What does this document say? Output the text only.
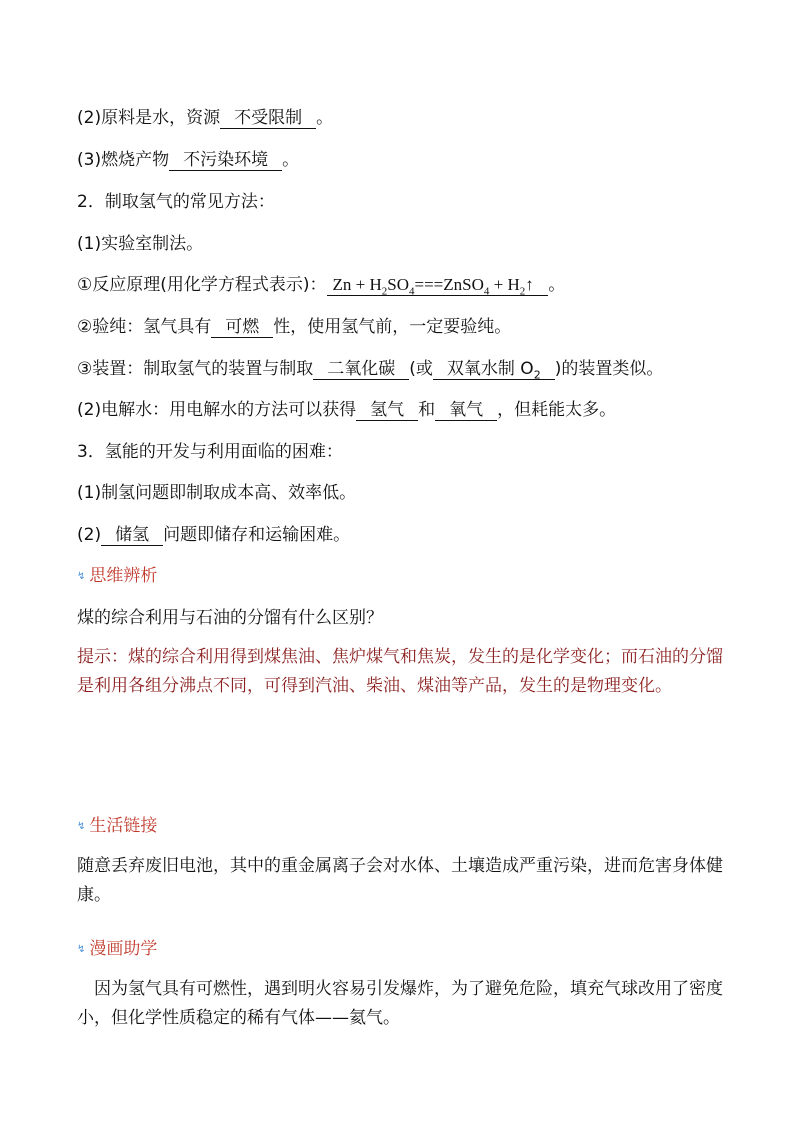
(2)原料是水，资源 不受限制 。
(3)燃烧产物 不污染环境 。
2．制取氢气的常见方法：
(1)实验室制法。
①反应原理(用化学方程式表示)： $Zn + H_2SO_4===ZnSO_4$ + $H_2↑$ 。
②验纯：氢气具有 可燃 性，使用氢气前，一定要验纯。
③装置：制取氢气的装置与制取 二氧化碳 (或 双氧水制 $O_2$ )的装置类似。
(2)电解水：用电解水的方法可以获得 氢气 和 氧气 ，但耗能太多。
3．氢能的开发与利用面临的困难：
(1)制氢问题即制取成本高、效率低。
(2) 储氢 问题即储存和运输困难。
↯ 思维辨析
煤的综合利用与石油的分馏有什么区别？
提示：煤的综合利用得到煤焦油、焦炉煤气和焦炭，发生的是化学变化；而石油的分馏是利用各组分沸点不同，可得到汽油、柴油、煤油等产品，发生的是物理变化。
↯ 生活链接
随意丢弃废旧电池，其中的重金属离子会对水体、土壤造成严重污染，进而危害身体健康。
↯ 漫画助学
因为氢气具有可燃性，遇到明火容易引发爆炸，为了避免危险，填充气球改用了密度小，但化学性质稳定的稀有气体——氦气。
